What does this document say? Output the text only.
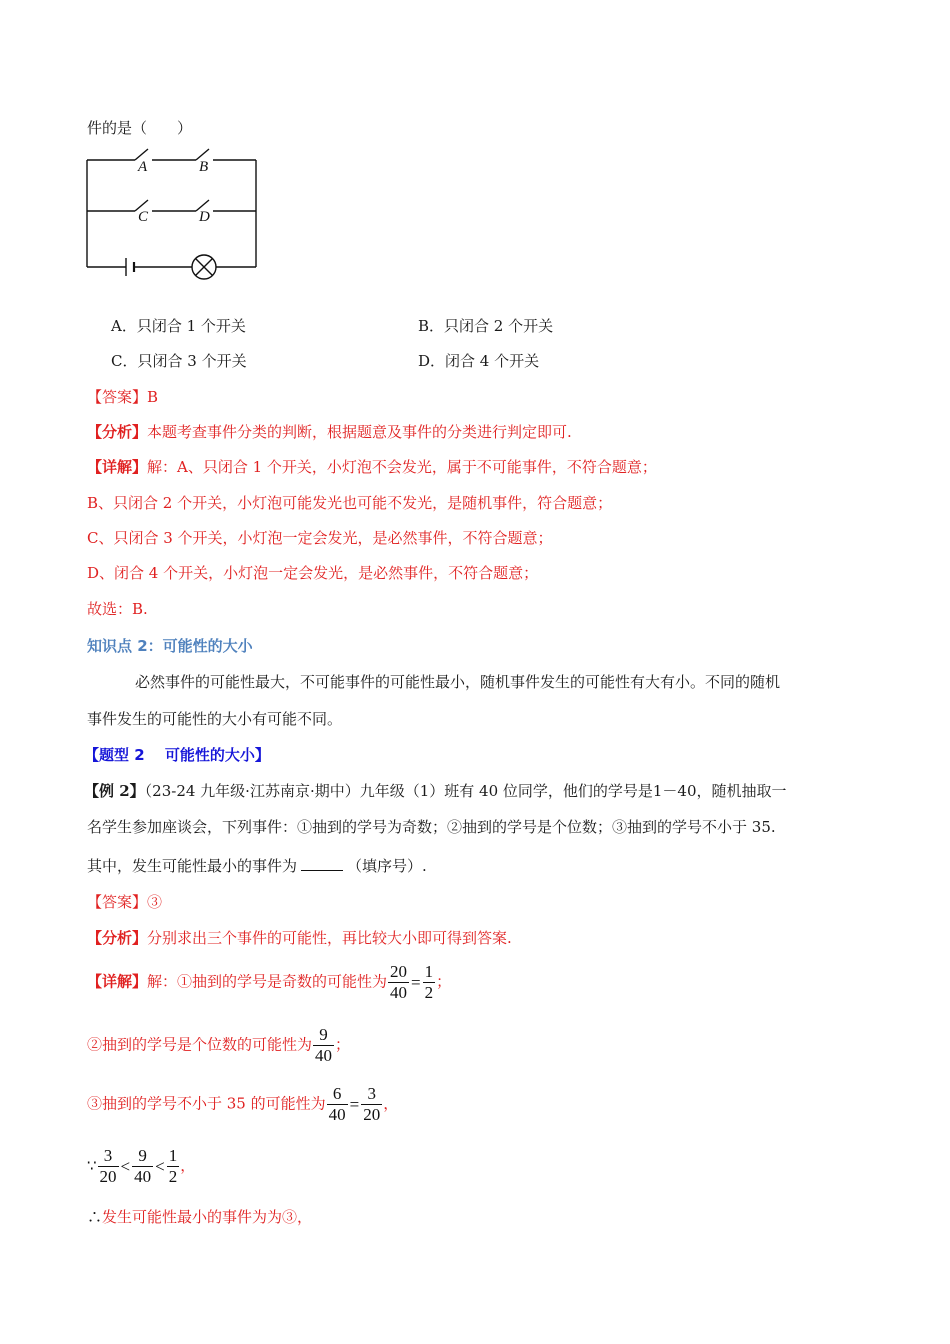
件的是（　　）
A	B
C	D
A．只闭合 1 个开关	B．只闭合 2 个开关
C．只闭合 3 个开关	D．闭合 4 个开关
【答案】B
【分析】本题考查事件分类的判断，根据题意及事件的分类进行判定即可.
【详解】解：A、只闭合 1 个开关，小灯泡不会发光，属于不可能事件，不符合题意；
B、只闭合 2 个开关，小灯泡可能发光也可能不发光，是随机事件，符合题意；
C、只闭合 3 个开关，小灯泡一定会发光，是必然事件，不符合题意；
D、闭合 4 个开关，小灯泡一定会发光，是必然事件，不符合题意；
故选：B.
知识点 2：可能性的大小
必然事件的可能性最大，不可能事件的可能性最小，随机事件发生的可能性有大有小。不同的随机
事件发生的可能性的大小有可能不同。
【题型 2　 可能性的大小】
【例 2】（23-24 九年级·江苏南京·期中）九年级（1）班有 40 位同学，他们的学号是1－40，随机抽取一
名学生参加座谈会，下列事件：①抽到的学号为奇数；②抽到的学号是个位数；③抽到的学号不小于 35.
其中，发生可能性最小的事件为	（填序号）.
【答案】③
【分析】分别求出三个事件的可能性，再比较大小即可得到答案.
【详解】解：①抽到的学号是奇数的可能性为 $\frac{20}{40} = \frac{1}{2}$ ；
②抽到的学号是个位数的可能性为 $\frac{9}{40}$ ；
③抽到的学号不小于 35 的可能性为 $\frac{6}{40} = \frac{3}{20}$ ，
∵ $\frac{3}{20} < \frac{9}{40} < \frac{1}{2}$ ，
∴发生可能性最小的事件为为③，
